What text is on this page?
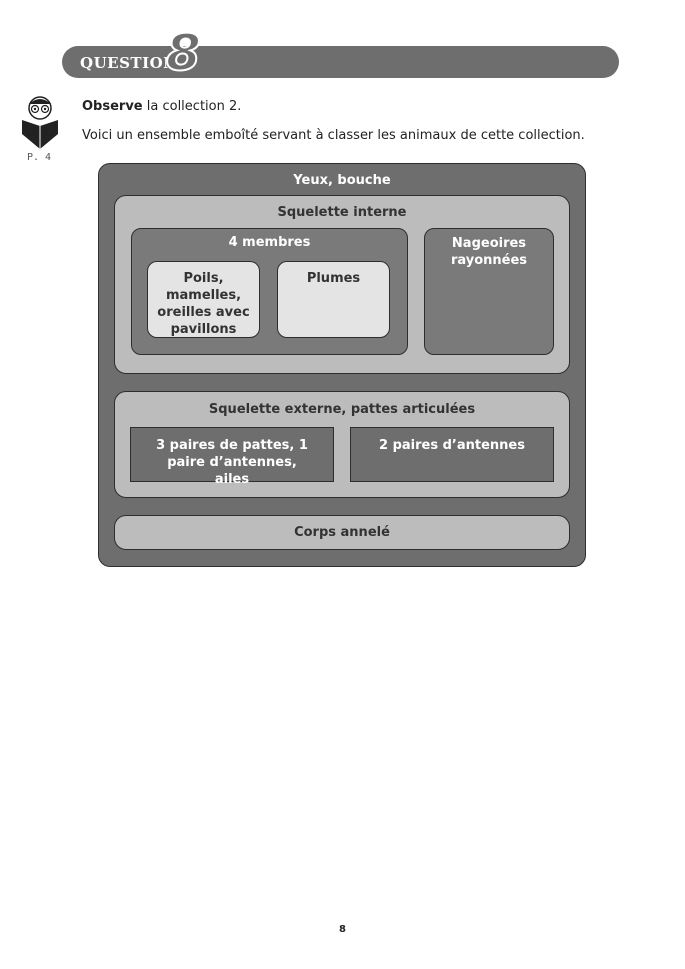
QUESTION
8
P. 4
Observe la collection 2.
Voici un ensemble emboîté servant à classer les animaux de cette collection.
Yeux, bouche
Squelette interne
4 membres
Poils, mamelles, oreilles avec pavillons
Plumes
Nageoires rayonnées
Squelette externe, pattes articulées
3 paires de pattes, 1 paire d’antennes, ailes
2 paires d’antennes
Corps annelé
8
